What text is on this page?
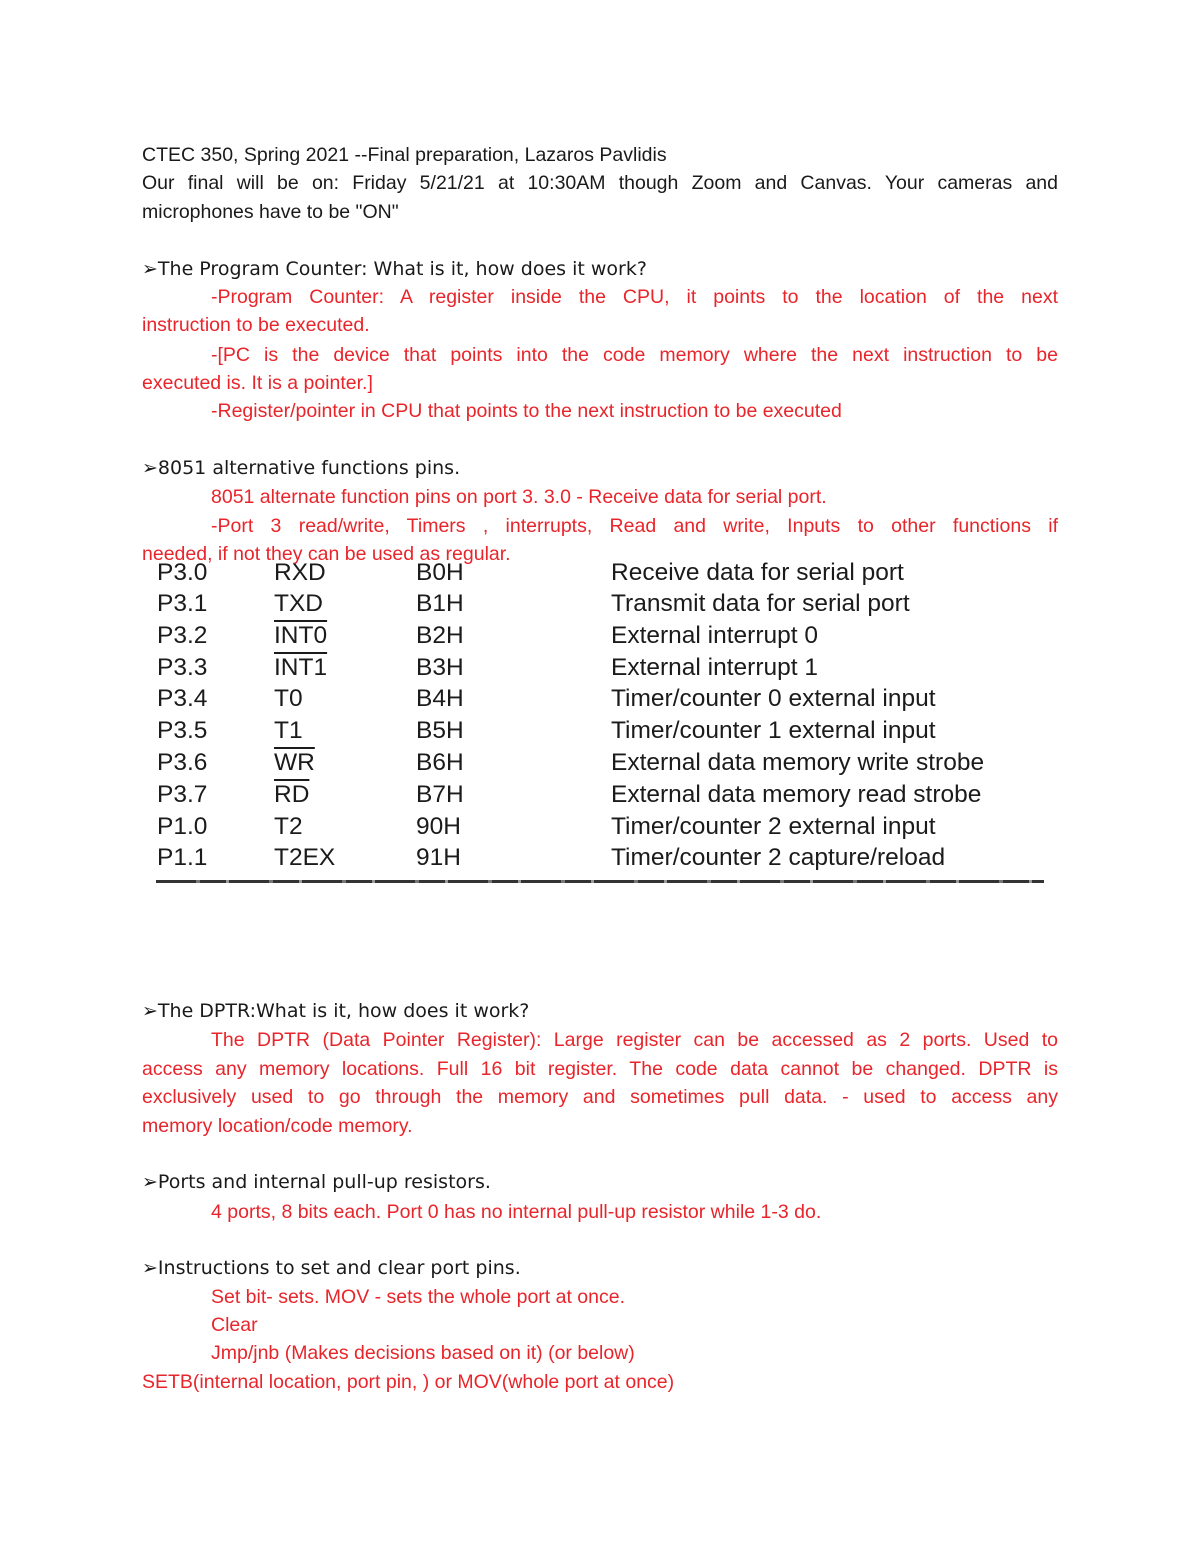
CTEC 350, Spring 2021 --Final preparation, Lazaros Pavlidis
Our final will be on: Friday 5/21/21 at 10:30AM though Zoom and Canvas. Your cameras and
microphones have to be "ON"
➢The Program Counter: What is it, how does it work?
-Program Counter: A register inside the CPU, it points to the location of the next
instruction to be executed.
-[PC is the device that points into the code memory where the next instruction to be
executed is. It is a pointer.]
-Register/pointer in CPU that points to the next instruction to be executed
➢8051 alternative functions pins.
8051 alternate function pins on port 3. 3.0 - Receive data for serial port.
-Port 3 read/write, Timers , interrupts, Read and write, Inputs to other functions if
needed, if not they can be used as regular.
P3.0	RXD	B0H	Receive data for serial port
P3.1	TXD	B1H	Transmit data for serial port
P3.2	INT0	B2H	External interrupt 0
P3.3	INT1	B3H	External interrupt 1
P3.4	T0	B4H	Timer/counter 0 external input
P3.5	T1	B5H	Timer/counter 1 external input
P3.6	$\overline{WR}$	B6H	External data memory write strobe
P3.7	$\overline{RD}$	B7H	External data memory read strobe
P1.0	T2	90H	Timer/counter 2 external input
P1.1	T2EX	91H	Timer/counter 2 capture/reload
➢The DPTR:What is it, how does it work?
The DPTR (Data Pointer Register): Large register can be accessed as 2 ports. Used to
access any memory locations. Full 16 bit register. The code data cannot be changed. DPTR is
exclusively used to go through the memory and sometimes pull data. - used to access any
memory location/code memory.
➢Ports and internal pull-up resistors.
4 ports, 8 bits each. Port 0 has no internal pull-up resistor while 1-3 do.
➢Instructions to set and clear port pins.
Set bit- sets. MOV - sets the whole port at once.
Clear
Jmp/jnb (Makes decisions based on it) (or below)
SETB(internal location, port pin, ) or MOV(whole port at once)
